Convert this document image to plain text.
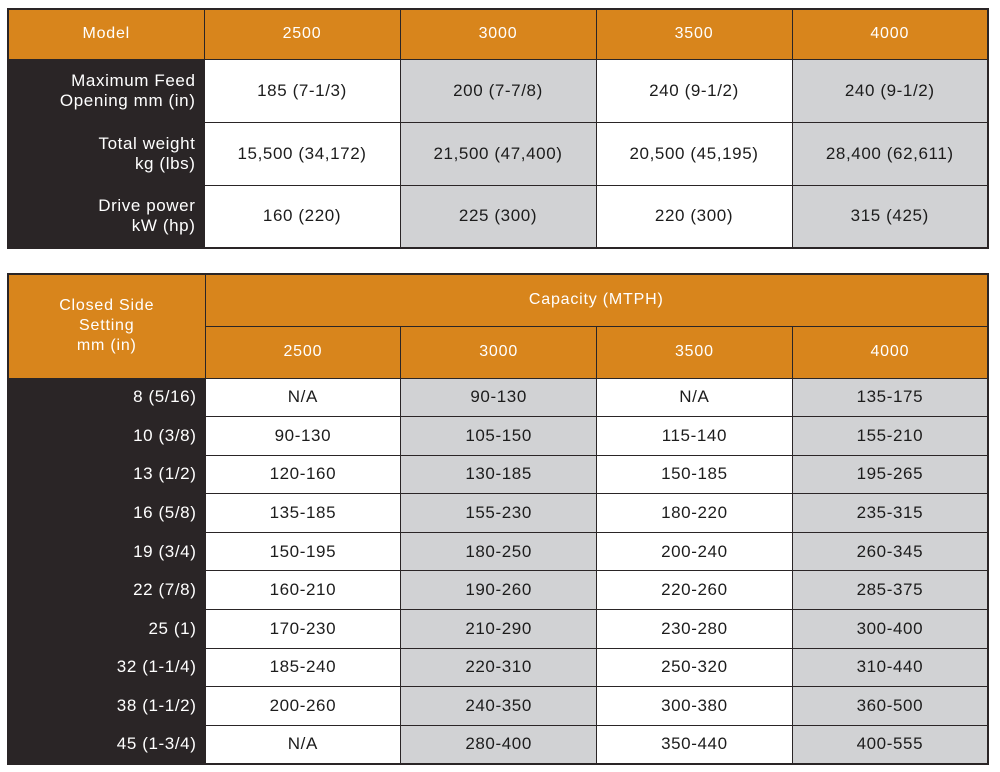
Model	2500	3000	3500	4000
Maximum Feed
Opening mm (in)	185 (7-1/3)	200 (7-7/8)	240 (9-1/2)	240 (9-1/2)
Total weight
kg (lbs)	15,500 (34,172)	21,500 (47,400)	20,500 (45,195)	28,400 (62,611)
Drive power
kW (hp)	160 (220)	225 (300)	220 (300)	315 (425)
Closed Side
Setting
mm (in)	Capacity (MTPH)			
	2500	3000	3500	4000
8 (5/16)	N/A	90-130	N/A	135-175
10 (3/8)	90-130	105-150	115-140	155-210
13 (1/2)	120-160	130-185	150-185	195-265
16 (5/8)	135-185	155-230	180-220	235-315
19 (3/4)	150-195	180-250	200-240	260-345
22 (7/8)	160-210	190-260	220-260	285-375
25 (1)	170-230	210-290	230-280	300-400
32 (1-1/4)	185-240	220-310	250-320	310-440
38 (1-1/2)	200-260	240-350	300-380	360-500
45 (1-3/4)	N/A	280-400	350-440	400-555
